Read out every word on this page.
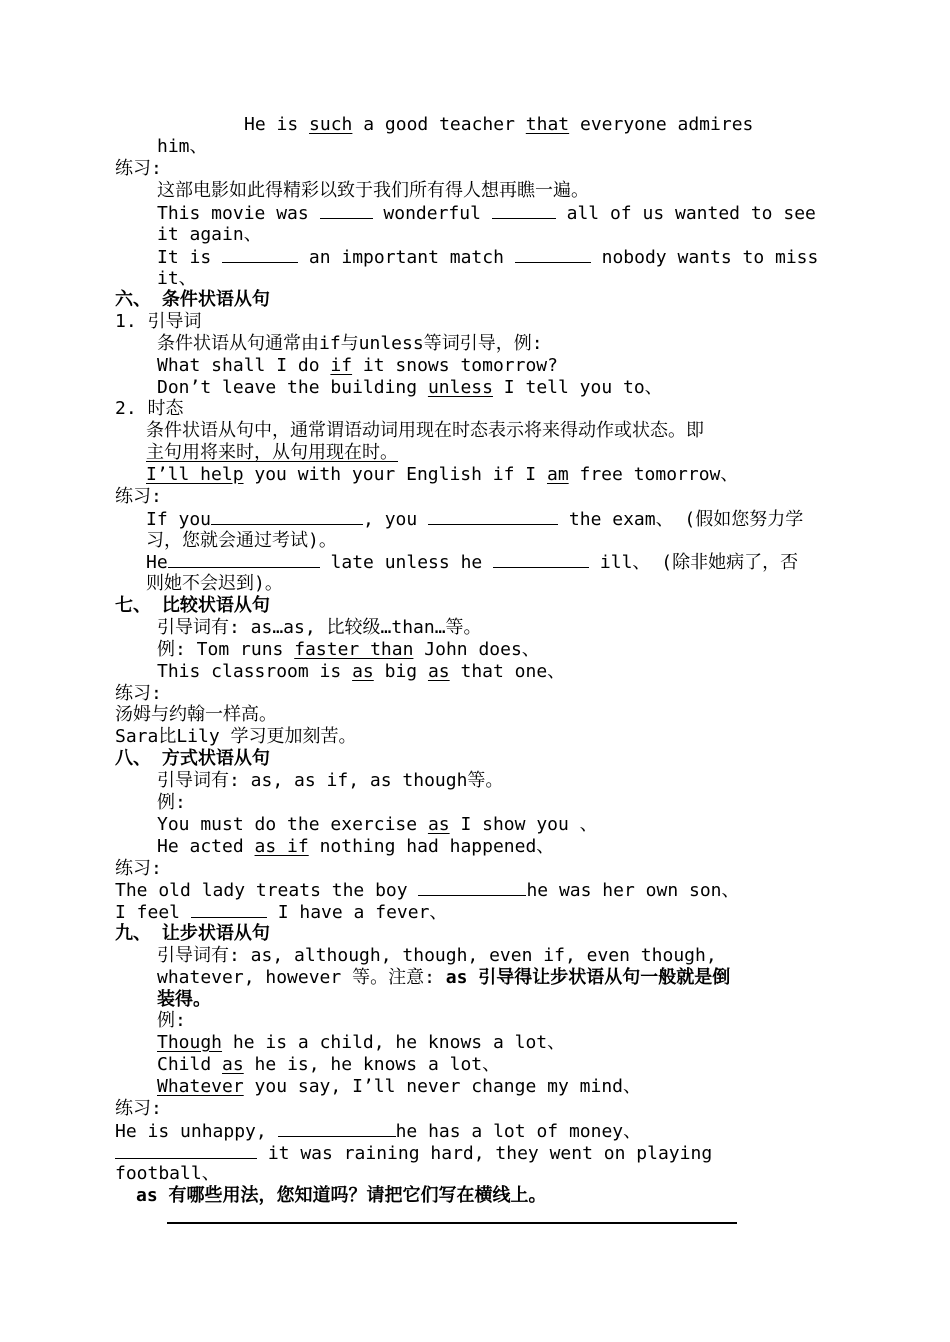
He is such a good teacher that everyone admires
him、
练习:
这部电影如此得精彩以致于我们所有得人想再瞧一遍。
This movie was	wonderful	all of us wanted to see
it again、
It is	an important match	nobody wants to miss
it、
六、 条件状语从句
1. 引导词
条件状语从句通常由if与unless等词引导，例:
What shall I do if it snows tomorrow?
Don’t leave the building unless I tell you to、
2. 时态
条件状语从句中，通常谓语动词用现在时态表示将来得动作或状态。即
主句用将来时，从句用现在时。
I’ll help you with your English if I am free tomorrow、
练习:
If you	, you	the exam、 (假如您努力学
习，您就会通过考试)。
He	late unless he	ill、 (除非她病了，否
则她不会迟到)。
七、 比较状语从句
引导词有: as…as, 比较级…than…等。
例: Tom runs faster than John does、
This classroom is as big as that one、
练习:
汤姆与约翰一样高。
Sara比Lily 学习更加刻苦。
八、 方式状语从句
引导词有: as, as if, as though等。
例:
You must do the exercise as I show you 、
He acted as if nothing had happened、
练习:
The old lady treats the boy	he was her own son、
I feel	I have a fever、
九、 让步状语从句
引导词有: as, although, though, even if, even though,
whatever, however 等。注意: as 引导得让步状语从句一般就是倒
装得。
例:
Though he is a child, he knows a lot、
Child as he is, he knows a lot、
Whatever you say, I’ll never change my mind、
练习:
He is unhappy,	he has a lot of money、
it was raining hard, they went on playing
football、
as 有哪些用法，您知道吗？请把它们写在横线上。
